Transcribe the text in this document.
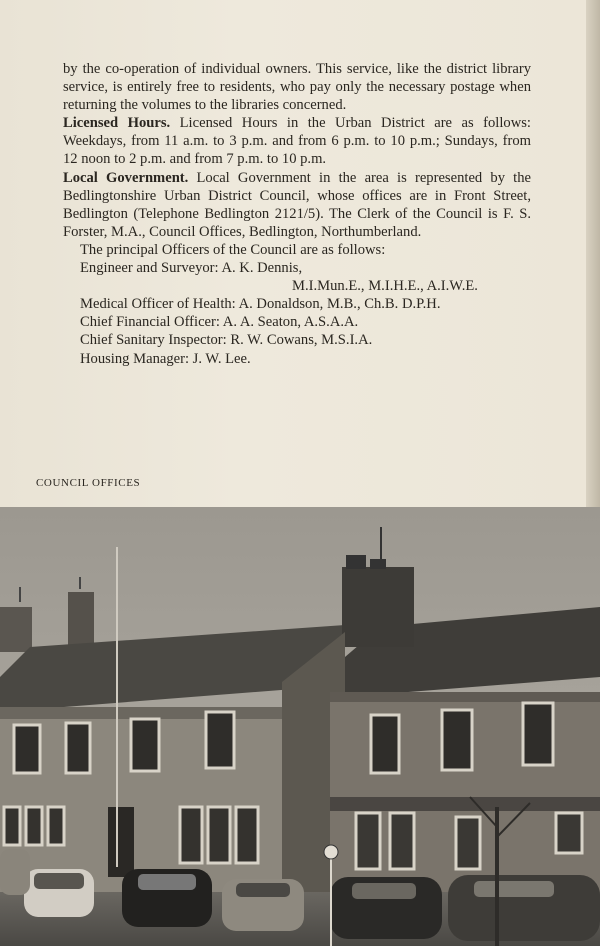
by the co-operation of individual owners. This service, like the district library service, is entirely free to residents, who pay only the necessary postage when returning the volumes to the libraries concerned.

Licensed Hours. Licensed Hours in the Urban District are as follows: Weekdays, from 11 a.m. to 3 p.m. and from 6 p.m. to 10 p.m.; Sundays, from 12 noon to 2 p.m. and from 7 p.m. to 10 p.m.

Local Government. Local Government in the area is represented by the Bedlingtonshire Urban District Council, whose offices are in Front Street, Bedlington (Telephone Bedlington 2121/5). The Clerk of the Council is F. S. Forster, M.A., Council Offices, Bedlington, Northumberland.

The principal Officers of the Council are as follows:
Engineer and Surveyor: A. K. Dennis,
M.I.Mun.E., M.I.H.E., A.I.W.E.
Medical Officer of Health: A. Donaldson, M.B., Ch.B. D.P.H.
Chief Financial Officer: A. A. Seaton, A.S.A.A.
Chief Sanitary Inspector: R. W. Cowans, M.S.I.A.
Housing Manager: J. W. Lee.
COUNCIL OFFICES
